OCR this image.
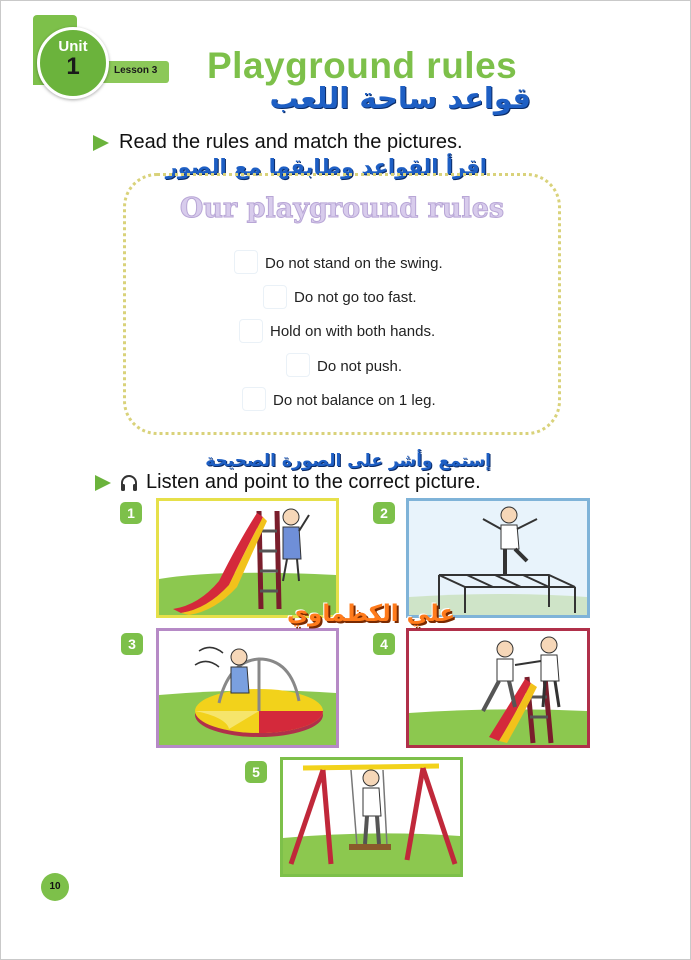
Unit
1	Lesson 3 Playground rules
قواعد ساحة اللعب
Read the rules and match the pictures.
اقرأ القواعد وطابقها مع الصور
Our playground rules
Do not stand on the swing.
Do not go too fast.
Hold on with both hands.
Do not push.
Do not balance on 1 leg.
إستمع وأشر على الصورة الصحيحة
Listen and point to the correct picture.
1	2
3	4
5
علي الكظماوي
10
